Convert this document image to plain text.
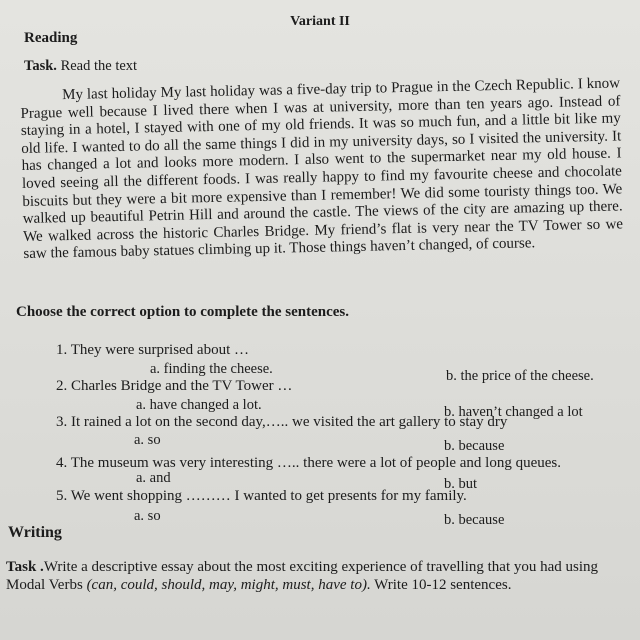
Variant II
Reading
Task. Read the text
My last holiday My last holiday was a five-day trip to Prague in the Czech Republic. I know Prague well because I lived there when I was at university, more than ten years ago. Instead of staying in a hotel, I stayed with one of my old friends. It was so much fun, and a little bit like my old life. I wanted to do all the same things I did in my university days, so I visited the university. It has changed a lot and looks more modern. I also went to the supermarket near my old house. I loved seeing all the different foods. I was really happy to find my favourite cheese and chocolate biscuits but they were a bit more expensive than I remember! We did some touristy things too. We walked up beautiful Petrin Hill and around the castle. The views of the city are amazing up there. We walked across the historic Charles Bridge. My friend’s flat is very near the TV Tower so we saw the famous baby statues climbing up it. Those things haven’t changed, of course.
Choose the correct option to complete the sentences.
1. They were surprised about …
a. finding the cheese.	b. the price of the cheese.
2. Charles Bridge and the TV Tower …
a. have changed a lot.	b. haven’t changed a lot
3. It rained a lot on the second day,….. we visited the art gallery to stay dry
a. so	b. because
4. The museum was very interesting ….. there were a lot of people and long queues.
a. and	b. but
5. We went shopping ……… I wanted to get presents for my family.
a. so	b. because
Writing
Task .Write a descriptive essay about the most exciting experience of travelling that you had using Modal Verbs (can, could, should, may, might, must, have to). Write 10-12 sentences.
